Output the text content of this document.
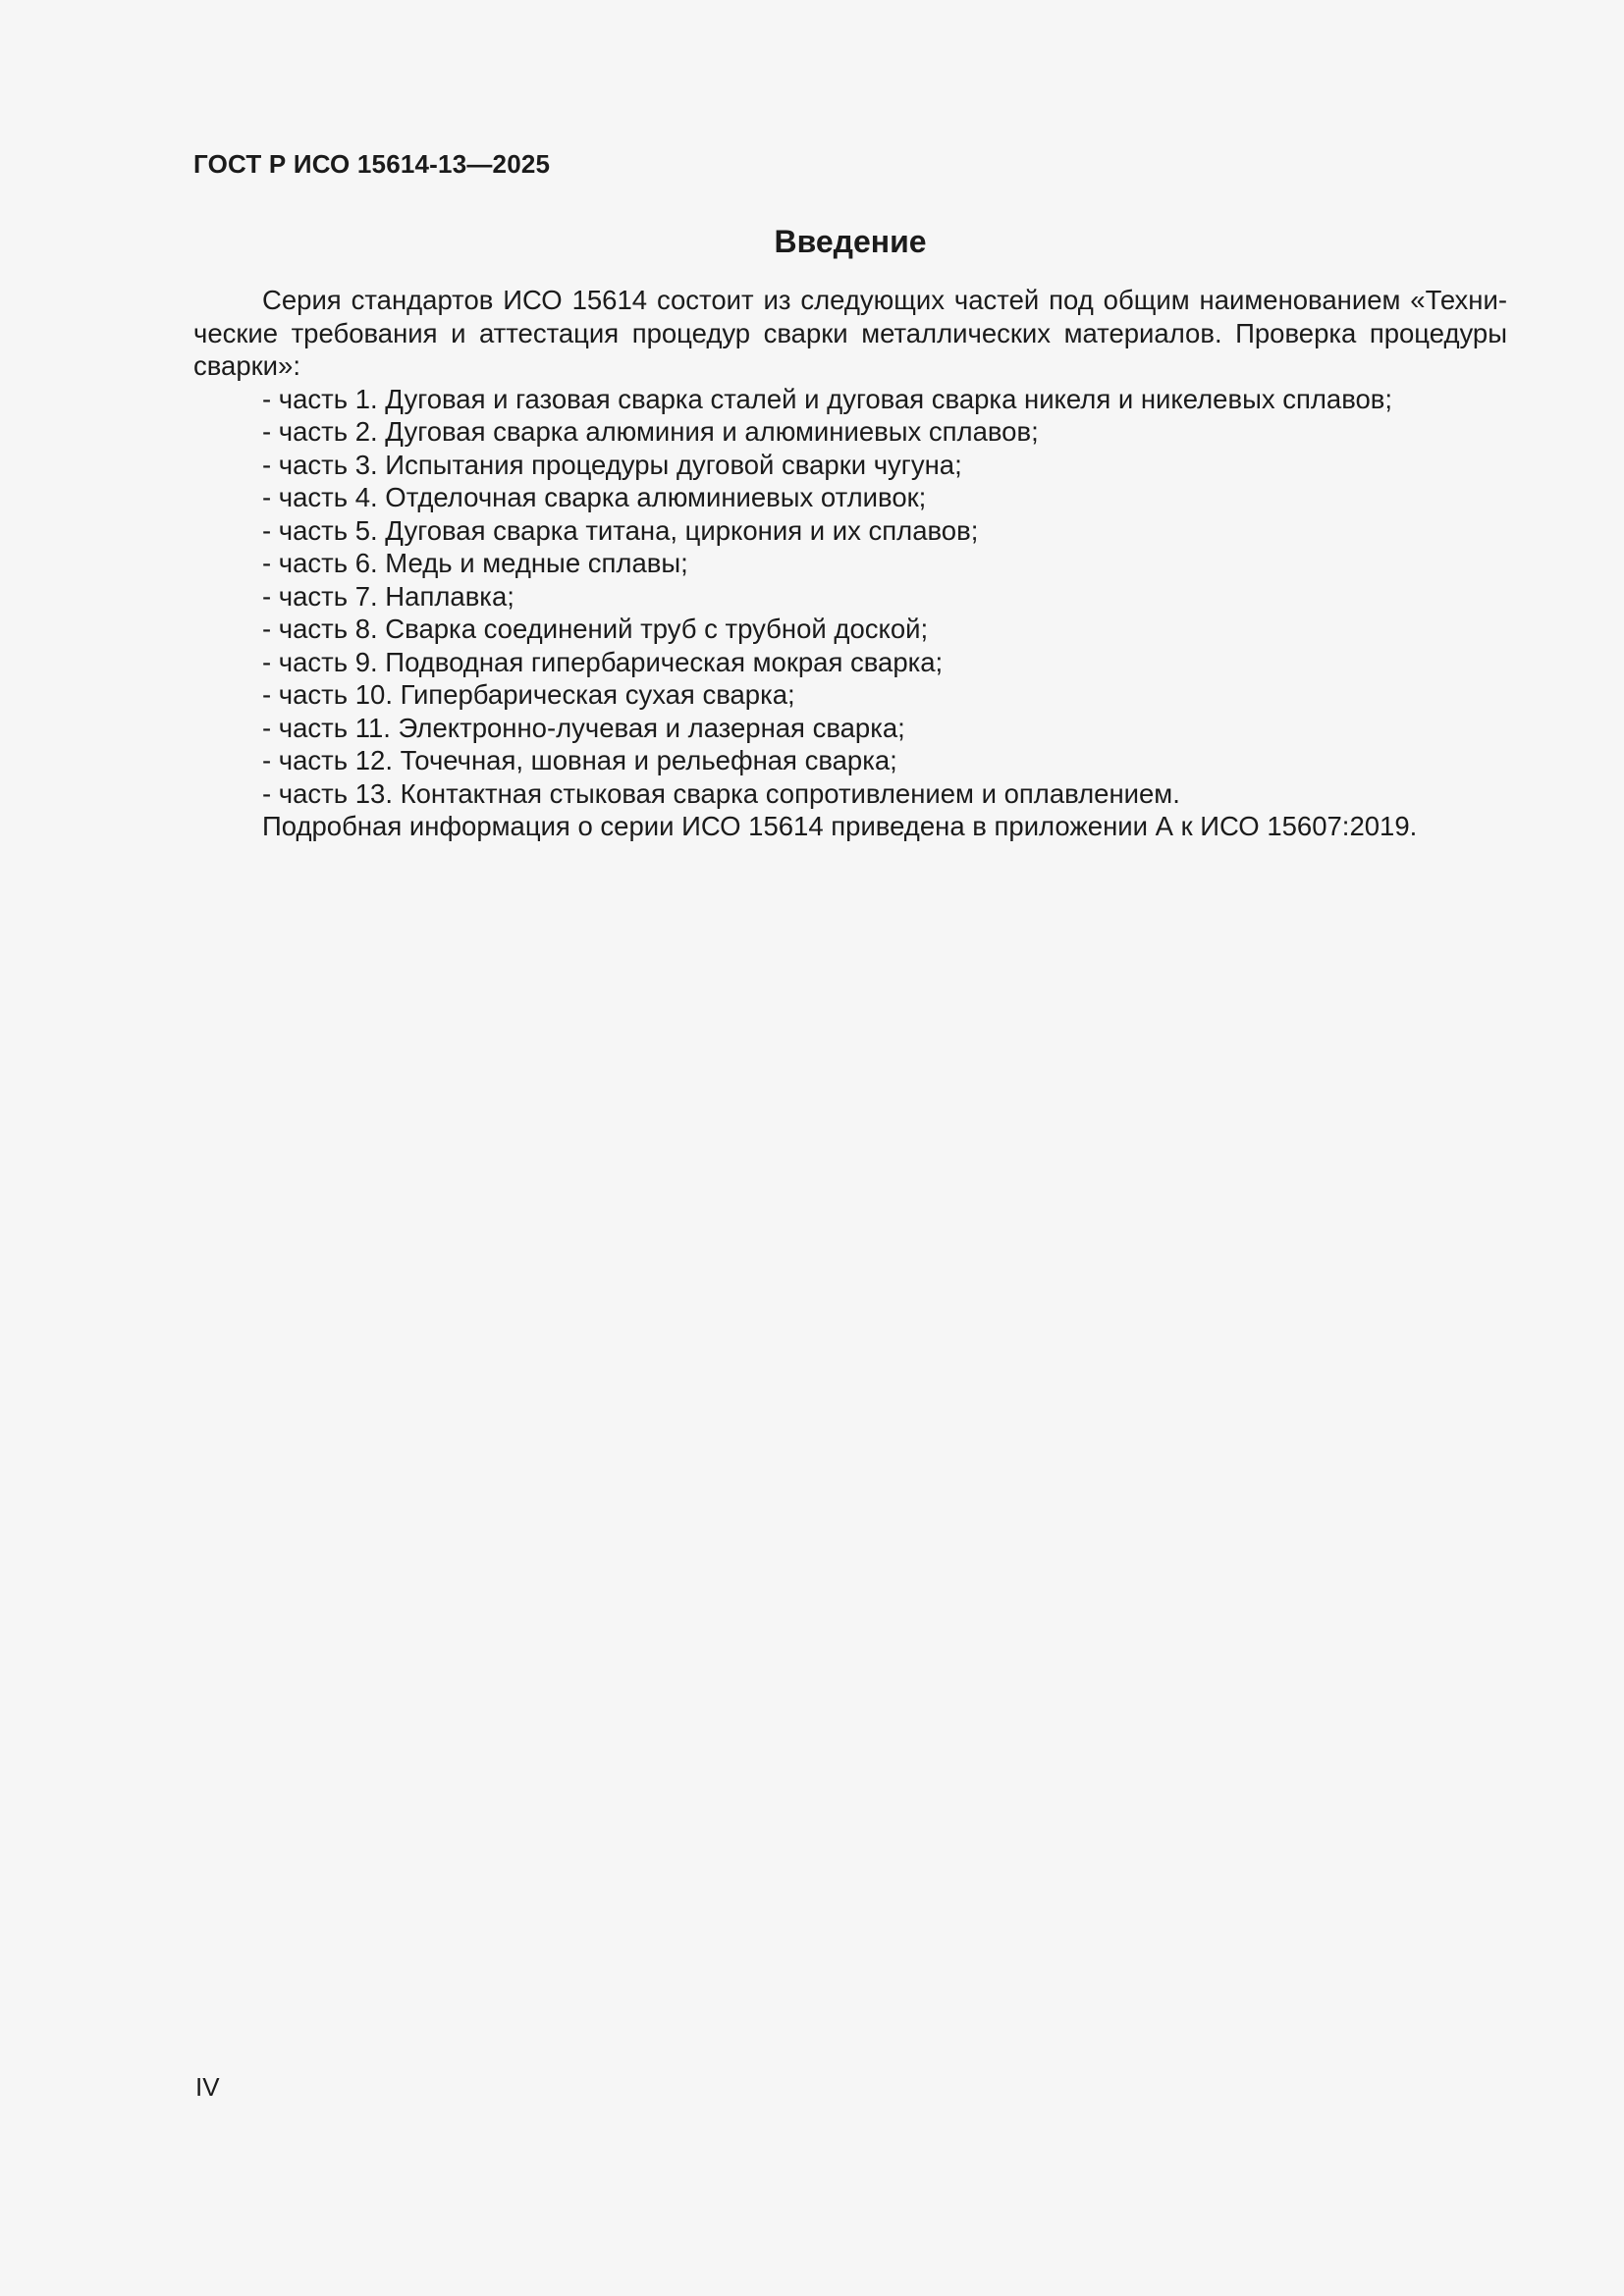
ГОСТ Р ИСО 15614-13—2025

Введение

Серия стандартов ИСО 15614 состоит из следующих частей под общим наименованием «Техни-ческие требования и аттестация процедур сварки металлических материалов. Проверка процедуры сварки»:

- часть 1. Дуговая и газовая сварка сталей и дуговая сварка никеля и никелевых сплавов;
- часть 2. Дуговая сварка алюминия и алюминиевых сплавов;
- часть 3. Испытания процедуры дуговой сварки чугуна;
- часть 4. Отделочная сварка алюминиевых отливок;
- часть 5. Дуговая сварка титана, циркония и их сплавов;
- часть 6. Медь и медные сплавы;
- часть 7. Наплавка;
- часть 8. Сварка соединений труб с трубной доской;
- часть 9. Подводная гипербарическая мокрая сварка;
- часть 10. Гипербарическая сухая сварка;
- часть 11. Электронно-лучевая и лазерная сварка;
- часть 12. Точечная, шовная и рельефная сварка;
- часть 13. Контактная стыковая сварка сопротивлением и оплавлением.

Подробная информация о серии ИСО 15614 приведена в приложении А к ИСО 15607:2019.

IV
